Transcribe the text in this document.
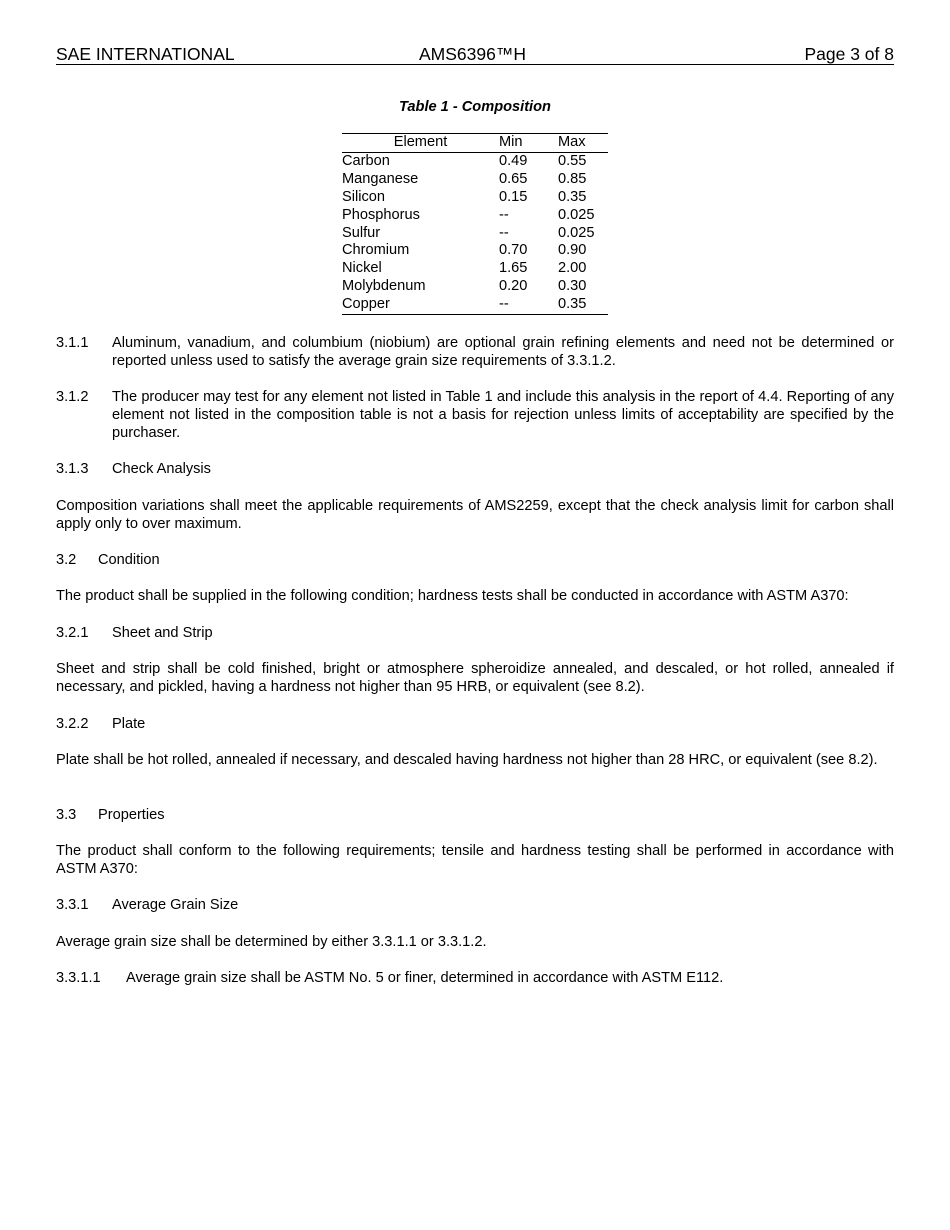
SAE INTERNATIONAL	AMS6396™H	Page 3 of 8
Table 1 - Composition
Element	Min	Max
Carbon	0.49	0.55
Manganese	0.65	0.85
Silicon	0.15	0.35
Phosphorus	--	0.025
Sulfur	--	0.025
Chromium	0.70	0.90
Nickel	1.65	2.00
Molybdenum	0.20	0.30
Copper	--	0.35
3.1.1 Aluminum, vanadium, and columbium (niobium) are optional grain refining elements and need not be determined or reported unless used to satisfy the average grain size requirements of 3.3.1.2.
3.1.2 The producer may test for any element not listed in Table 1 and include this analysis in the report of 4.4. Reporting of any element not listed in the composition table is not a basis for rejection unless limits of acceptability are specified by the purchaser.
3.1.3 Check Analysis
Composition variations shall meet the applicable requirements of AMS2259, except that the check analysis limit for carbon shall apply only to over maximum.
3.2 Condition
The product shall be supplied in the following condition; hardness tests shall be conducted in accordance with ASTM A370:
3.2.1 Sheet and Strip
Sheet and strip shall be cold finished, bright or atmosphere spheroidize annealed, and descaled, or hot rolled, annealed if necessary, and pickled, having a hardness not higher than 95 HRB, or equivalent (see 8.2).
3.2.2 Plate
Plate shall be hot rolled, annealed if necessary, and descaled having hardness not higher than 28 HRC, or equivalent (see 8.2).
3.3 Properties
The product shall conform to the following requirements; tensile and hardness testing shall be performed in accordance with ASTM A370:
3.3.1 Average Grain Size
Average grain size shall be determined by either 3.3.1.1 or 3.3.1.2.
3.3.1.1 Average grain size shall be ASTM No. 5 or finer, determined in accordance with ASTM E112.
